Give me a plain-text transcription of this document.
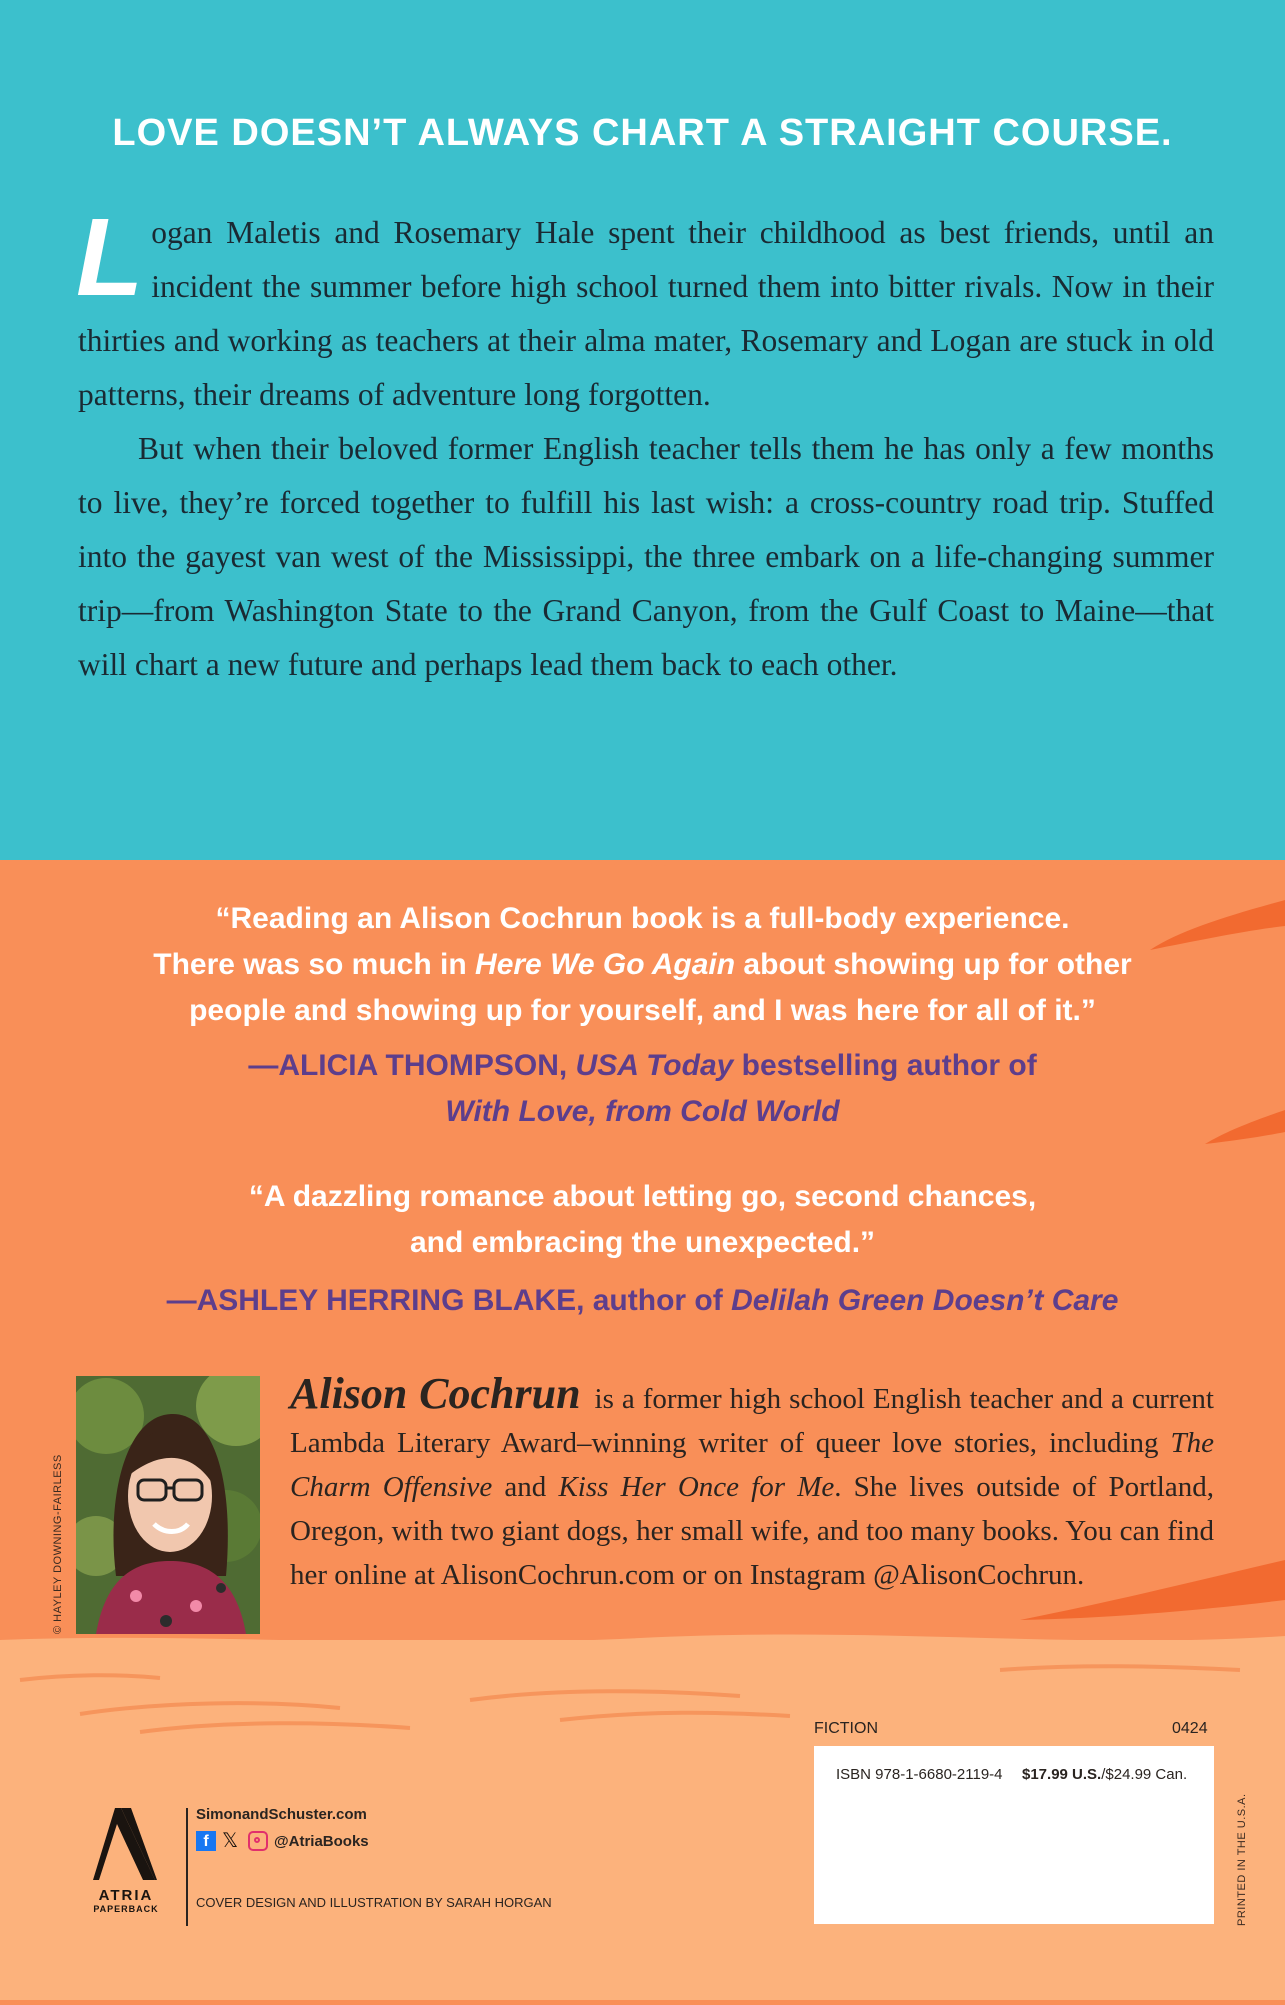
LOVE DOESN’T ALWAYS CHART A STRAIGHT COURSE.

Logan Maletis and Rosemary Hale spent their childhood as best friends, until an incident the summer before high school turned them into bitter rivals. Now in their thirties and working as teachers at their alma mater, Rosemary and Logan are stuck in old patterns, their dreams of adventure long forgotten.

But when their beloved former English teacher tells them he has only a few months to live, they’re forced together to fulfill his last wish: a cross-country road trip. Stuffed into the gayest van west of the Mississippi, the three embark on a life-changing summer trip—from Washington State to the Grand Canyon, from the Gulf Coast to Maine—that will chart a new future and perhaps lead them back to each other.

“Reading an Alison Cochrun book is a full-body experience.
There was so much in Here We Go Again about showing up for other
people and showing up for yourself, and I was here for all of it.”
—ALICIA THOMPSON, USA Today bestselling author of
With Love, from Cold World
“A dazzling romance about letting go, second chances,
and embracing the unexpected.”
—ASHLEY HERRING BLAKE, author of Delilah Green Doesn’t Care
© HAYLEY DOWNING-FAIRLESS
Alison Cochrun is a former high school English teacher and a current Lambda Literary Award–winning writer of queer love stories, including The Charm Offensive and Kiss Her Once for Me. She lives outside of Portland, Oregon, with two giant dogs, her small wife, and too many books. You can find her online at AlisonCochrun.com or on Instagram @AlisonCochrun.
FICTION	0424
ISBN 978-1-6680-2119-4 $17.99 U.S./$24.99 Can.
PRINTED IN THE U.S.A.
ATRIA
PAPERBACK
SimonandSchuster.com
f 𝕏 @AtriaBooks
COVER DESIGN AND ILLUSTRATION BY SARAH HORGAN
